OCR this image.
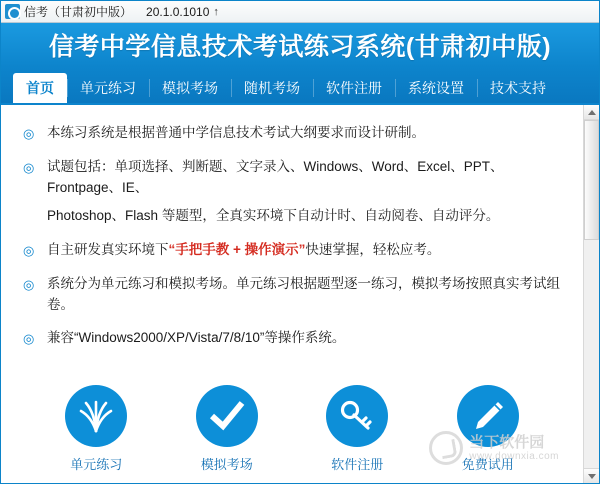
信考（甘肃初中版） 20.1.0.1010 ↑
信考中学信息技术考试练习系统(甘肃初中版)
首页	单元练习	模拟考场	随机考场	软件注册	系统设置	技术支持
◎ 本练习系统是根据普通中学信息技术考试大纲要求而设计研制。
◎ 试题包括：单项选择、判断题、文字录入、Windows、Word、Excel、PPT、Frontpage、IE、
Photoshop、Flash 等题型，全真实环境下自动计时、自动阅卷、自动评分。
◎ 自主研发真实环境下“手把手教 + 操作演示”快速掌握，轻松应考。
◎ 系统分为单元练习和模拟考场。单元练习根据题型逐一练习，模拟考场按照真实考试组卷。
◎ 兼容“Windows2000/XP/Vista/7/8/10”等操作系统。
单元练习	模拟考场	软件注册	免费试用
当下软件园
www.downxia.com
